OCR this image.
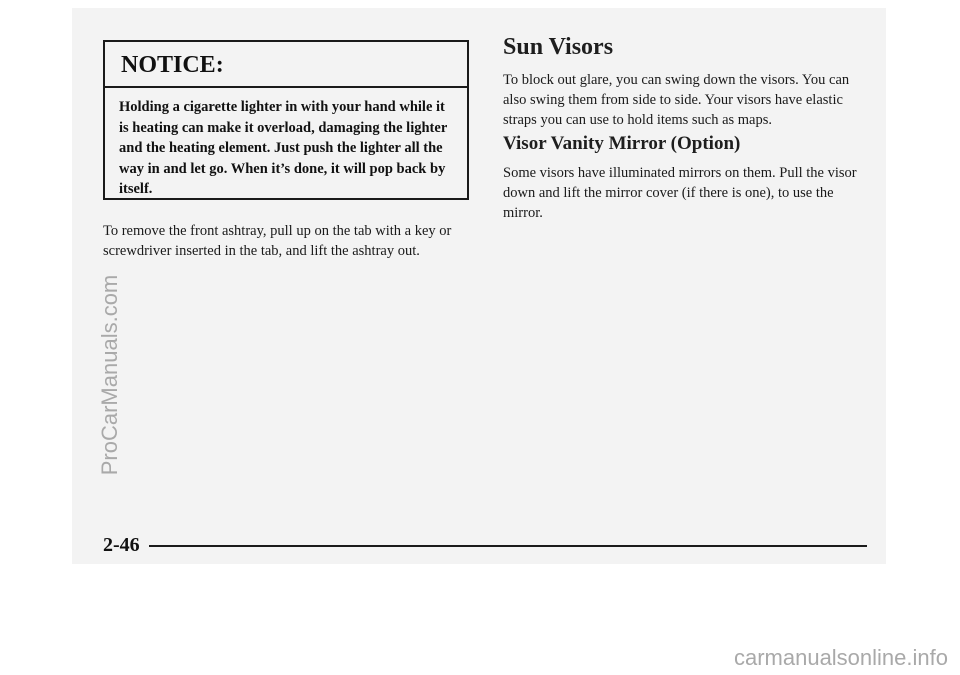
NOTICE:
Holding a cigarette lighter in with your hand while it is heating can make it overload, damaging the lighter and the heating element. Just push the lighter all the way in and let go. When it’s done, it will pop back by itself.
To remove the front ashtray, pull up on the tab with a key or screwdriver inserted in the tab, and lift the ashtray out.
Sun Visors
To block out glare, you can swing down the visors. You can also swing them from side to side. Your visors have elastic straps you can use to hold items such as maps.
Visor Vanity Mirror (Option)
Some visors have illuminated mirrors on them. Pull the visor down and lift the mirror cover (if there is one), to use the mirror.
2-46
ProCarManuals.com
carmanualsonline.info
